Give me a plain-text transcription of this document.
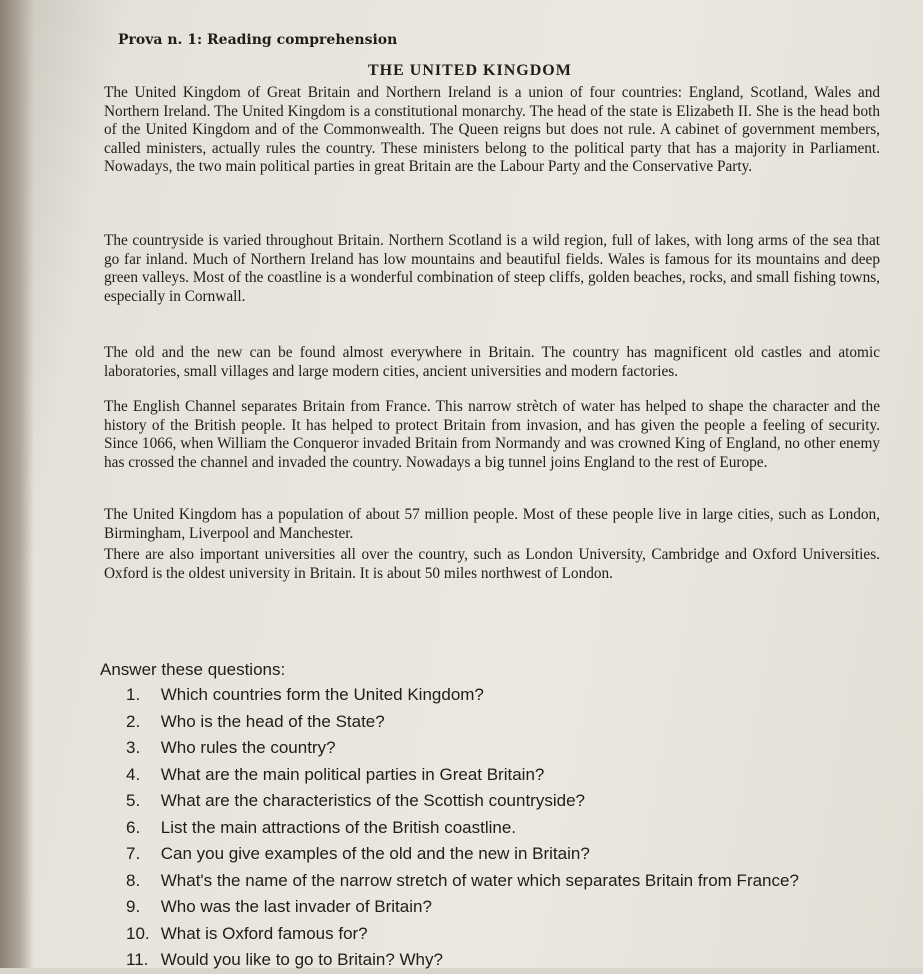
Prova n. 1: Reading comprehension
THE UNITED KINGDOM

The United Kingdom of Great Britain and Northern Ireland is a union of four countries: England, Scotland, Wales and Northern Ireland. The United Kingdom is a constitutional monarchy. The head of the state is Elizabeth II. She is the head both of the United Kingdom and of the Commonwealth. The Queen reigns but does not rule. A cabinet of government members, called ministers, actually rules the country. These ministers belong to the political party that has a majority in Parliament. Nowadays, the two main political parties in great Britain are the Labour Party and the Conservative Party.

The countryside is varied throughout Britain. Northern Scotland is a wild region, full of lakes, with long arms of the sea that go far inland. Much of Northern Ireland has low mountains and beautiful fields. Wales is famous for its mountains and deep green valleys. Most of the coastline is a wonderful combination of steep cliffs, golden beaches, rocks, and small fishing towns, especially in Cornwall.

The old and the new can be found almost everywhere in Britain. The country has magnificent old castles and atomic laboratories, small villages and large modern cities, ancient universities and modern factories.

The English Channel separates Britain from France. This narrow strètch of water has helped to shape the character and the history of the British people. It has helped to protect Britain from invasion, and has given the people a feeling of security. Since 1066, when William the Conqueror invaded Britain from Normandy and was crowned King of England, no other enemy has crossed the channel and invaded the country. Nowadays a big tunnel joins England to the rest of Europe.

The United Kingdom has a population of about 57 million people. Most of these people live in large cities, such as London, Birmingham, Liverpool and Manchester.

There are also important universities all over the country, such as London University, Cambridge and Oxford Universities. Oxford is the oldest university in Britain. It is about 50 miles northwest of London.

Answer these questions:
1. Which countries form the United Kingdom?
2. Who is the head of the State?
3. Who rules the country?
4. What are the main political parties in Great Britain?
5. What are the characteristics of the Scottish countryside?
6. List the main attractions of the British coastline.
7. Can you give examples of the old and the new in Britain?
8. What's the name of the narrow stretch of water which separates Britain from France?
9. Who was the last invader of Britain?
10. What is Oxford famous for?
11. Would you like to go to Britain? Why?
